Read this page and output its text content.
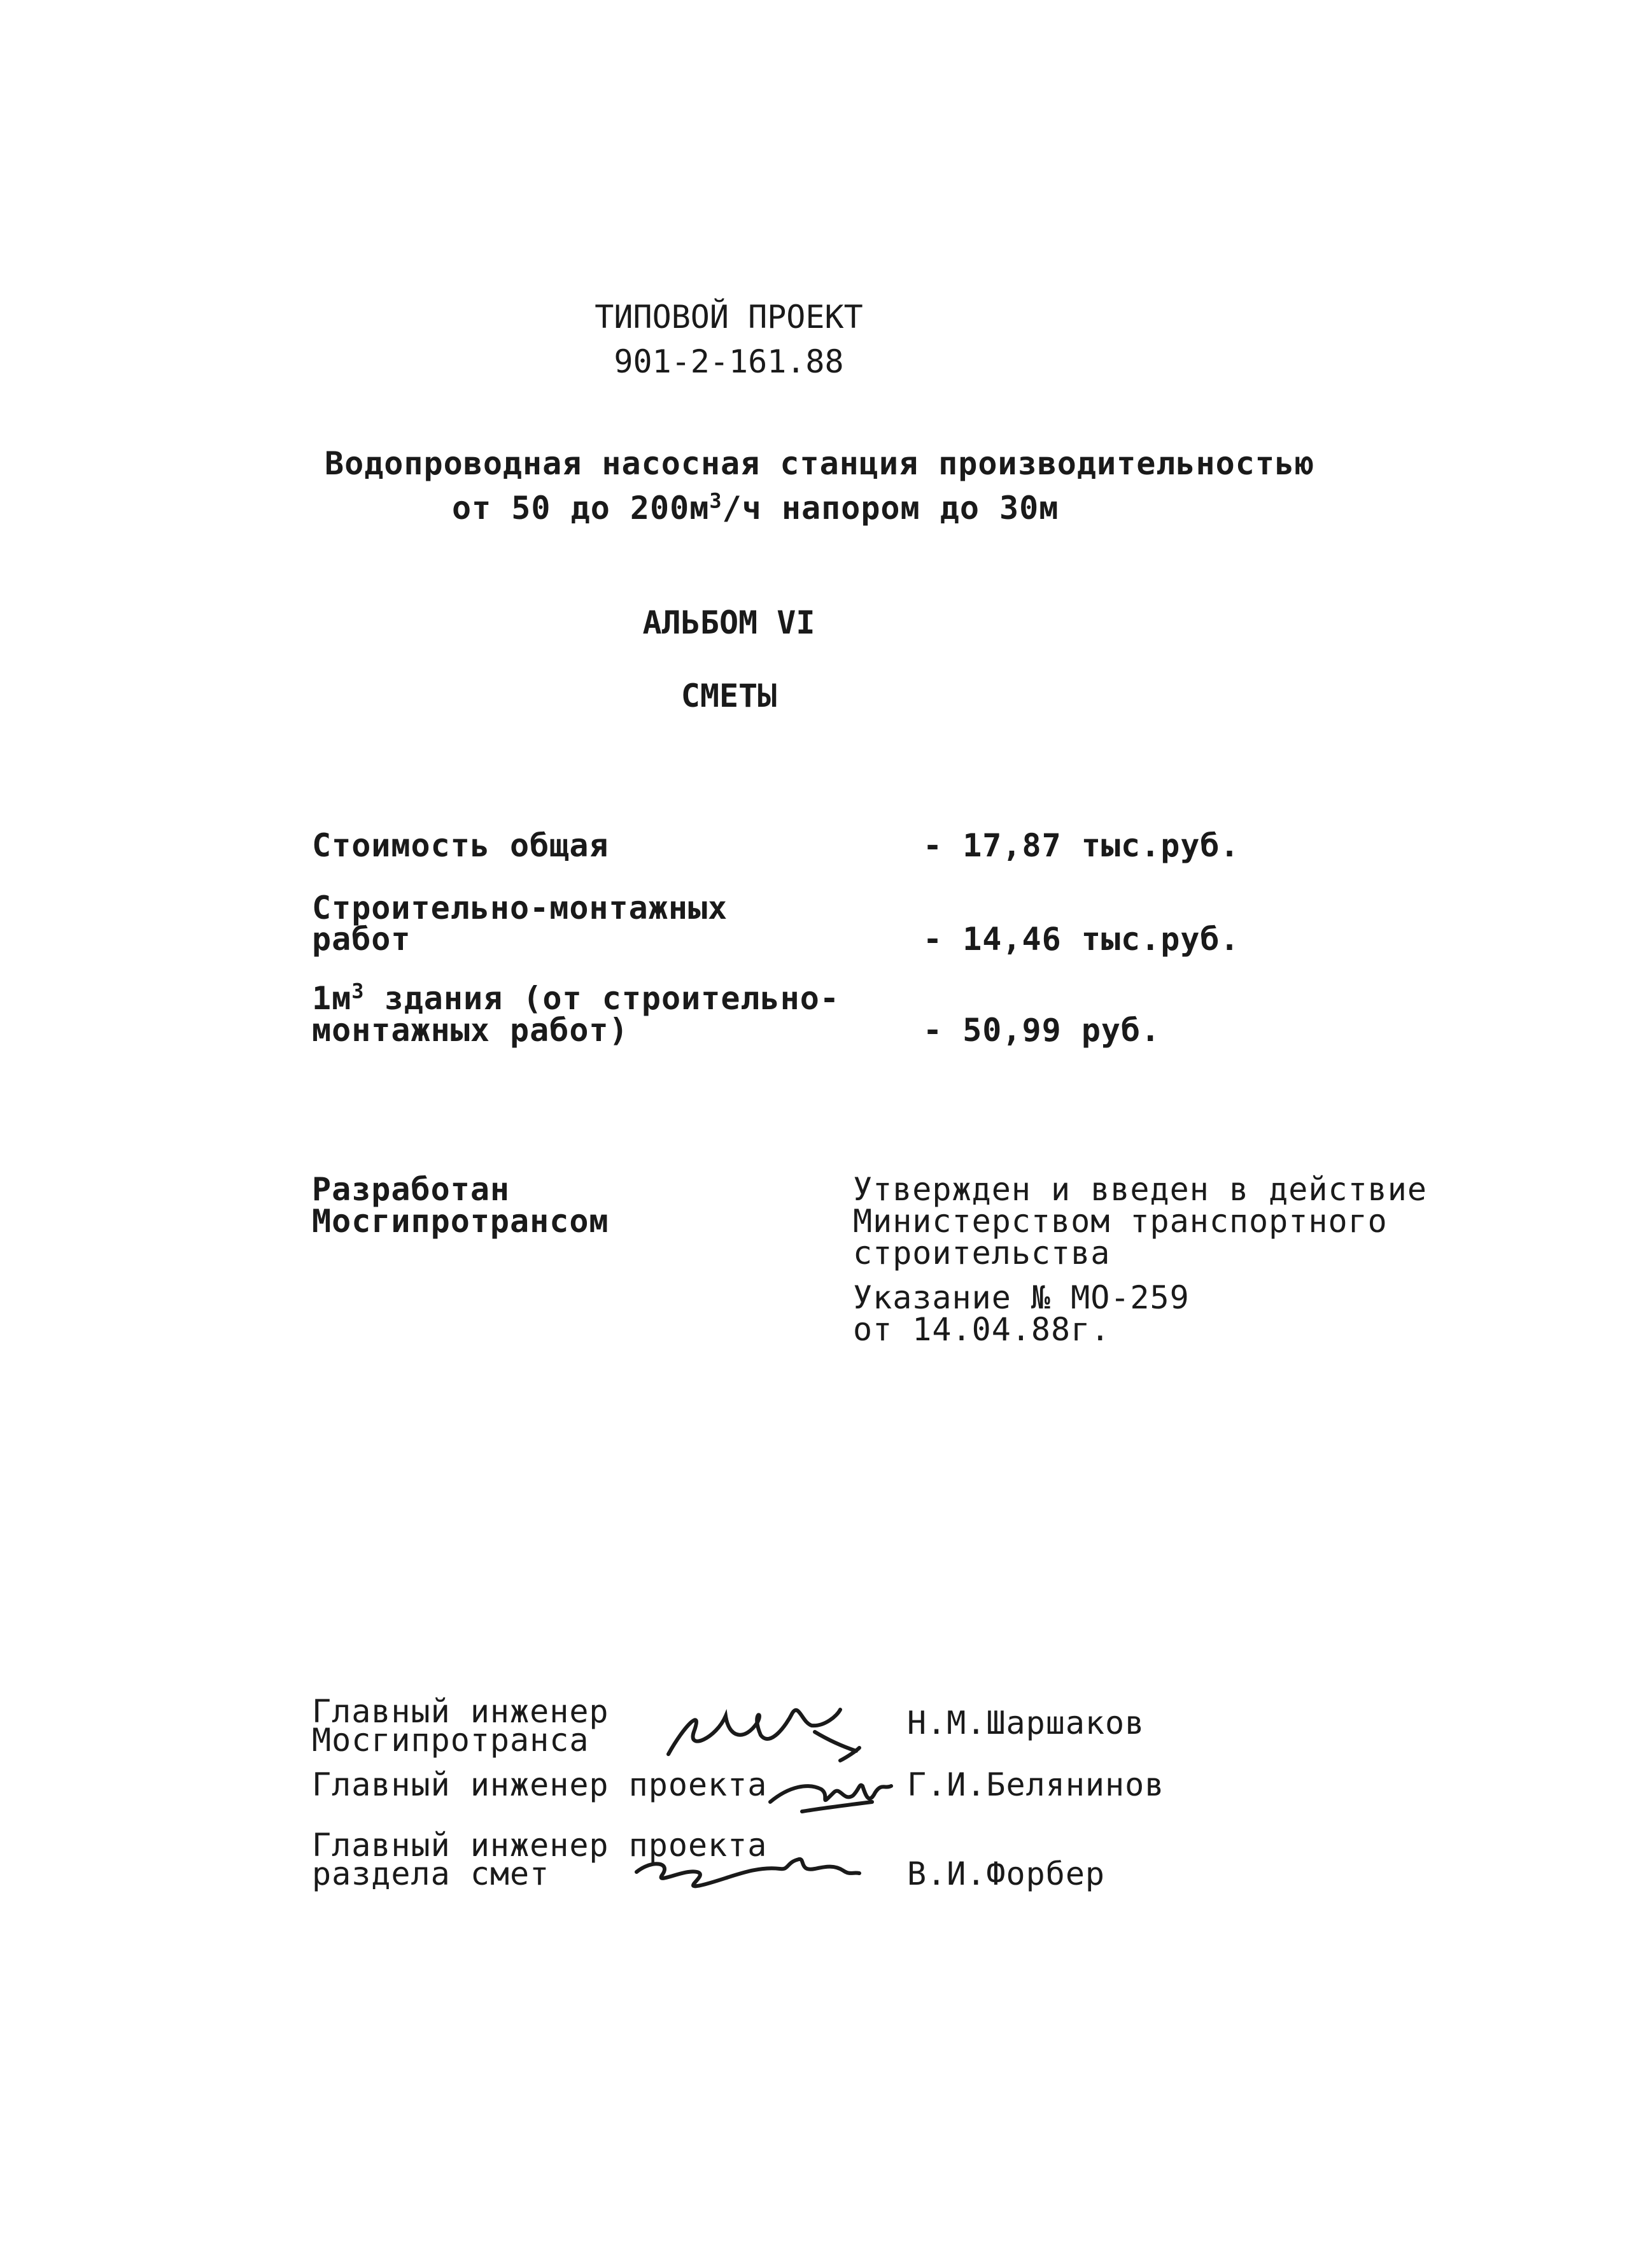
ТИПОВОЙ ПРОЕКТ
901-2-161.88
Водопроводная насосная станция производительностью
от 50 до $200м^3/ч$ напором до 30м
АЛЬБОМ VI
СМЕТЫ
Стоимость общая	- 17,87 тыс.руб.
Строительно-монтажных
работ	- 14,46 тыс.руб.
$1м^3$ здания (от строительно-
монтажных работ)	- 50,99 руб.
Разработан
Мосгипротрансом
Утвержден и введен в действие
Министерством транспортного
строительства
Указание № МО-259
от 14.04.88г.
Главный инженер
Мосгипротранса	Н.М.Шаршаков
Главный инженер проекта	Г.И.Белянинов
Главный инженер проекта
раздела смет	В.И.Форбер
